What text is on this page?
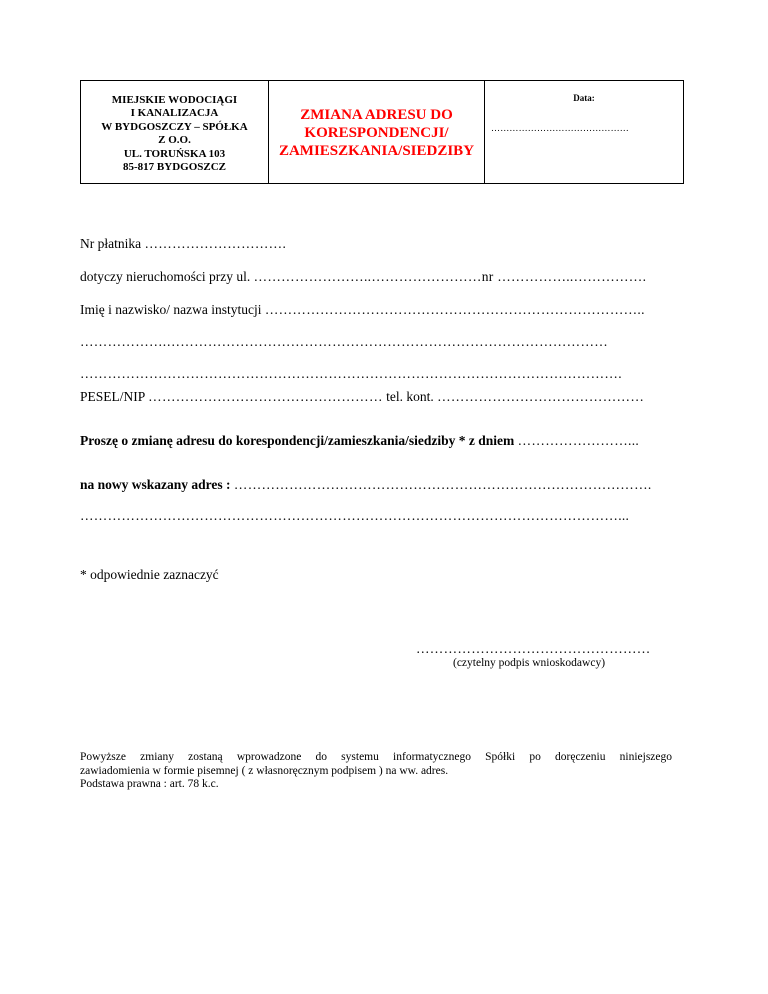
MIEJSKIE WODOCIĄGI
I KANALIZACJA
W BYDGOSZCZY – SPÓŁKA
Z O.O.
UL. TORUŃSKA 103
85-817 BYDGOSZCZ
ZMIANA ADRESU DO
KORESPONDENCJI/
ZAMIESZKANIA/SIEDZIBY
Data:
………………………………………
Nr płatnika ………………………….
dotyczy nieruchomości przy ul. ……………………..……………………nr ……………..…………….
Imię i nazwisko/ nazwa instytucji ………………………………………………………………………..
……………….……………………………………………………………………………………
……………………………………………………………………………………………………….
PESEL/NIP …………………………………………… tel. kont. ………………………………………
Proszę o zmianę adresu do korespondencji/zamieszkania/siedziby * z dniem ……………………...
na nowy wskazany adres : ……………………………………………………………………………….
………………………………………………………………………………………………………...
* odpowiednie zaznaczyć
……………………………………………
(czytelny podpis wnioskodawcy)

Powyższe zmiany zostaną wprowadzone do systemu informatycznego Spółki po doręczeniu niniejszego

zawiadomienia w formie pisemnej ( z własnoręcznym podpisem ) na ww. adres.

Podstawa prawna : art. 78 k.c.
